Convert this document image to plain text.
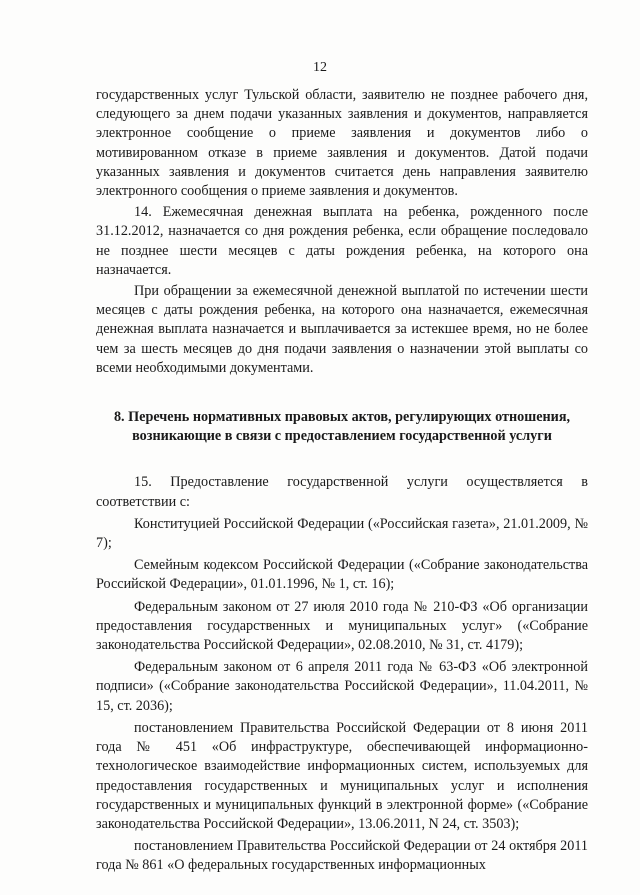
12

государственных услуг Тульской области, заявителю не позднее рабочего дня, следующего за днем подачи указанных заявления и документов, направляется электронное сообщение о приеме заявления и документов либо о мотивированном отказе в приеме заявления и документов. Датой подачи указанных заявления и документов считается день направления заявителю электронного сообщения о приеме заявления и документов.

14. Ежемесячная денежная выплата на ребенка, рожденного после 31.12.2012, назначается со дня рождения ребенка, если обращение последовало не позднее шести месяцев с даты рождения ребенка, на которого она назначается.

При обращении за ежемесячной денежной выплатой по истечении шести месяцев с даты рождения ребенка, на которого она назначается, ежемесячная денежная выплата назначается и выплачивается за истекшее время, но не более чем за шесть месяцев до дня подачи заявления о назначении этой выплаты со всеми необходимыми документами.

8. Перечень нормативных правовых актов, регулирующих отношения, возникающие в связи с предоставлением государственной услуги

15. Предоставление государственной услуги осуществляется в соответствии с:

Конституцией Российской Федерации («Российская газета», 21.01.2009, № 7);

Семейным кодексом Российской Федерации («Собрание законодательства Российской Федерации», 01.01.1996, № 1, ст. 16);

Федеральным законом от 27 июля 2010 года № 210-ФЗ «Об организации предоставления государственных и муниципальных услуг» («Собрание законодательства Российской Федерации», 02.08.2010, № 31, ст. 4179);

Федеральным законом от 6 апреля 2011 года № 63-ФЗ «Об электронной подписи» («Собрание законодательства Российской Федерации», 11.04.2011, № 15, ст. 2036);

постановлением Правительства Российской Федерации от 8 июня 2011 года № 451 «Об инфраструктуре, обеспечивающей информационно-технологическое взаимодействие информационных систем, используемых для предоставления государственных и муниципальных услуг и исполнения государственных и муниципальных функций в электронной форме» («Собрание законодательства Российской Федерации», 13.06.2011, N 24, ст. 3503);

постановлением Правительства Российской Федерации от 24 октября 2011 года № 861 «О федеральных государственных информационных
